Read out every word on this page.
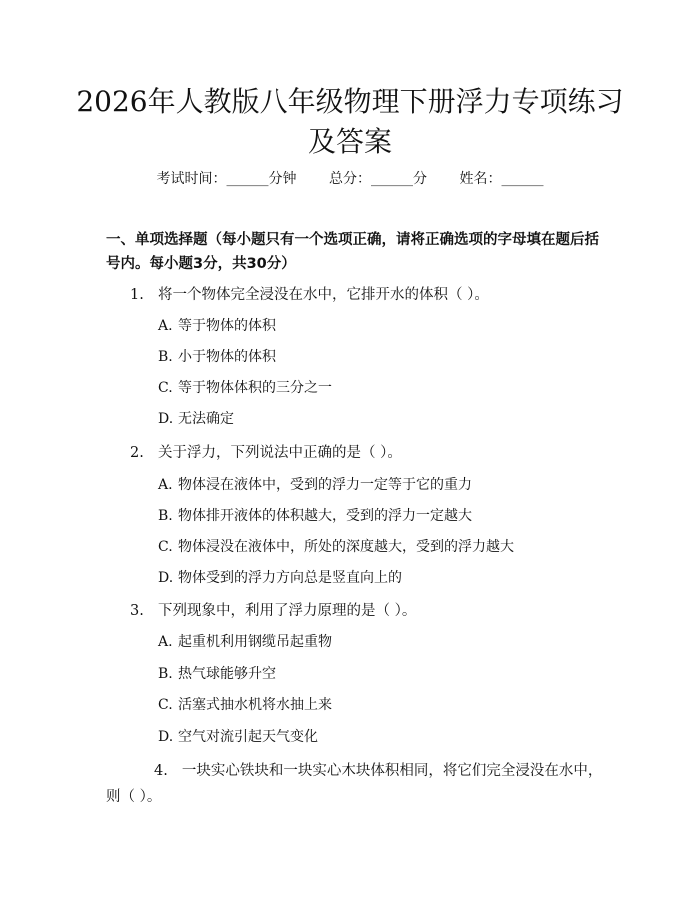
2026年人教版八年级物理下册浮力专项练习及答案
考试时间：______分钟 总分：______分 姓名：______
一、单项选择题（每小题只有一个选项正确，请将正确选项的字母填在题后括号内。每小题3分，共30分）
1. 将一个物体完全浸没在水中，它排开水的体积（ ）。
A. 等于物体的体积
B. 小于物体的体积
C. 等于物体体积的三分之一
D. 无法确定
2. 关于浮力，下列说法中正确的是（ ）。
A. 物体浸在液体中，受到的浮力一定等于它的重力
B. 物体排开液体的体积越大，受到的浮力一定越大
C. 物体浸没在液体中，所处的深度越大，受到的浮力越大
D. 物体受到的浮力方向总是竖直向上的
3. 下列现象中，利用了浮力原理的是（ ）。
A. 起重机利用钢缆吊起重物
B. 热气球能够升空
C. 活塞式抽水机将水抽上来
D. 空气对流引起天气变化
4. 一块实心铁块和一块实心木块体积相同，将它们完全浸没在水中，则（ ）。
